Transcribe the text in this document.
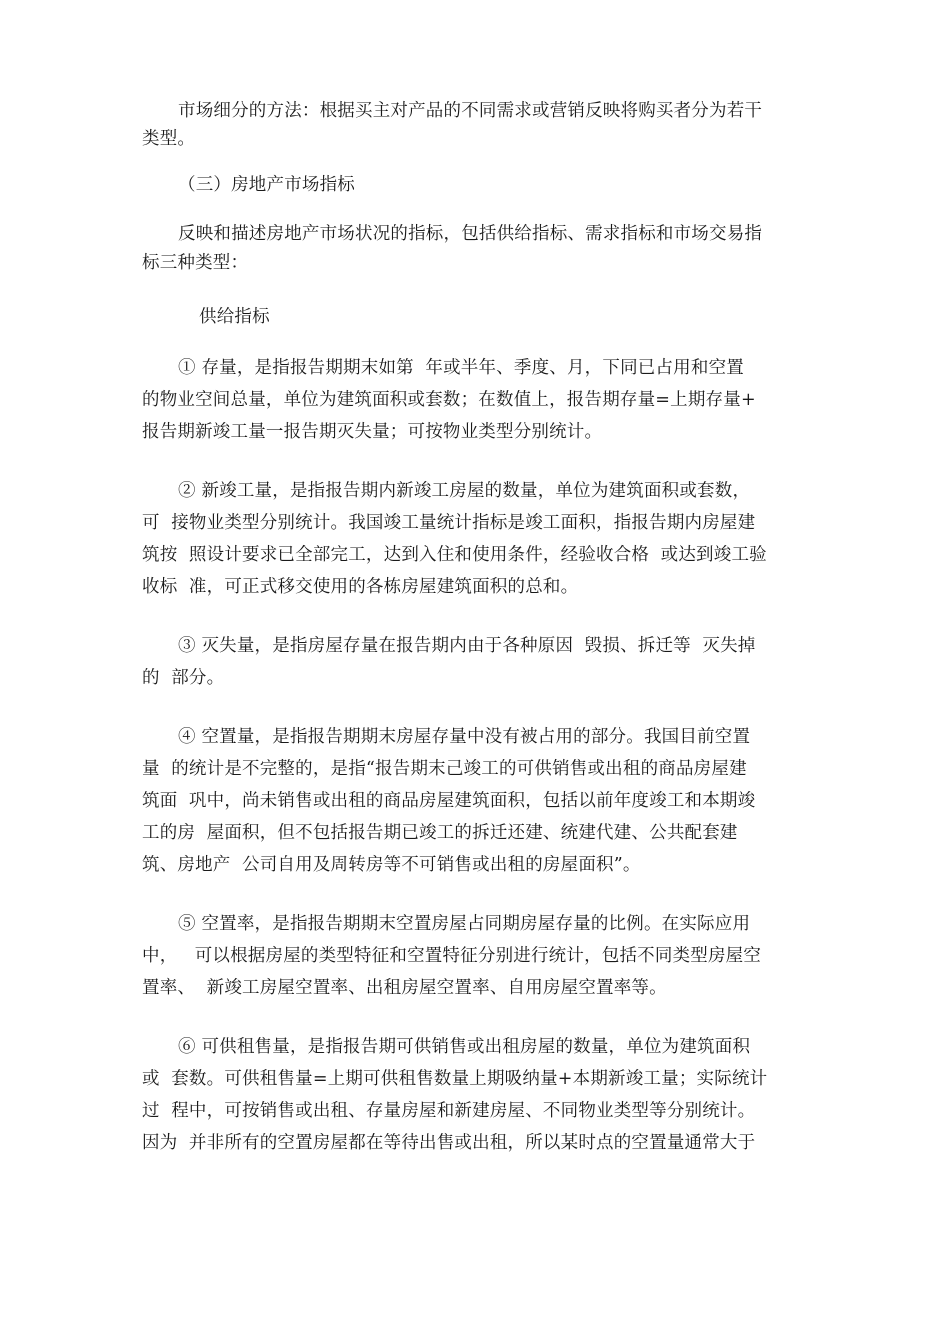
市场细分的方法：根据买主对产品的不同需求或营销反映将购买者分为若干

类型。

（三）房地产市场指标

反映和描述房地产市场状况的指标，包括供给指标、需求指标和市场交易指

标三种类型：

供给指标

① 存量，是指报告期期末如第  年或半年、季度、月，下同已占用和空置

的物业空间总量，单位为建筑面积或套数；在数值上，报告期存量=上期存量+

报告期新竣工量一报告期灭失量；可按物业类型分别统计。

② 新竣工量，是指报告期内新竣工房屋的数量，单位为建筑面积或套数，

可  接物业类型分别统计。我国竣工量统计指标是竣工面积，指报告期内房屋建

筑按  照设计要求已全部完工，达到入住和使用条件，经验收合格  或达到竣工验

收标  准，可正式移交使用的各栋房屋建筑面积的总和。

③ 灭失量，是指房屋存量在报告期内由于各种原因  毁损、拆迁等  灭失掉

的  部分。

④ 空置量，是指报告期期末房屋存量中没有被占用的部分。我国目前空置

量  的统计是不完整的，是指“报告期末己竣工的可供销售或出租的商品房屋建

筑面  巩中，尚未销售或出租的商品房屋建筑面积，包括以前年度竣工和本期竣

工的房  屋面积，但不包括报告期已竣工的拆迁还建、统建代建、公共配套建

筑、房地产  公司自用及周转房等不可销售或出租的房屋面积”。

⑤ 空置率，是指报告期期末空置房屋占同期房屋存量的比例。在实际应用

中，   可以根据房屋的类型特征和空置特征分别进行统计，包括不同类型房屋空

置率、  新竣工房屋空置率、出租房屋空置率、自用房屋空置率等。

⑥ 可供租售量，是指报告期可供销售或出租房屋的数量，单位为建筑面积

或  套数。可供租售量=上期可供租售数量上期吸纳量+本期新竣工量；实际统计

过  程中，可按销售或出租、存量房屋和新建房屋、不同物业类型等分别统计。

因为  并非所有的空置房屋都在等待出售或出租，所以某时点的空置量通常大于
